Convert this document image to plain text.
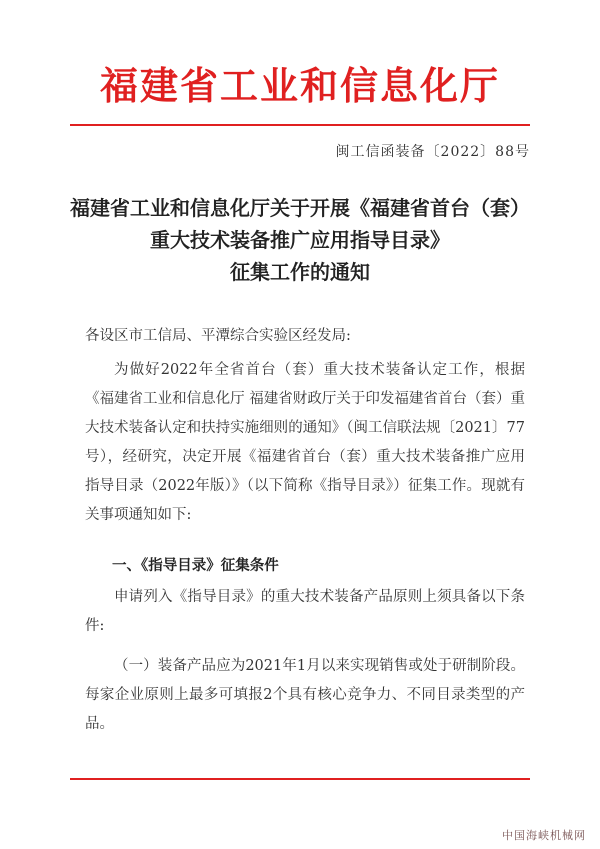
福建省工业和信息化厅
闽工信函装备〔2022〕88号
福建省工业和信息化厅关于开展《福建省首台（套）
重大技术装备推广应用指导目录》
征集工作的通知
各设区市工信局、平潭综合实验区经发局:
为做好2022年全省首台（套）重大技术装备认定工作，根据《福建省工业和信息化厅 福建省财政厅关于印发福建省首台（套）重大技术装备认定和扶持实施细则的通知》（闽工信联法规〔2021〕77号），经研究，决定开展《福建省首台（套）重大技术装备推广应用指导目录（2022年版）》（以下简称《指导目录》）征集工作。现就有关事项通知如下:
一、《指导目录》征集条件
申请列入《指导目录》的重大技术装备产品原则上须具备以下条件:
（一）装备产品应为2021年1月以来实现销售或处于研制阶段。每家企业原则上最多可填报2个具有核心竞争力、不同目录类型的产品。
中国海峡机械网
